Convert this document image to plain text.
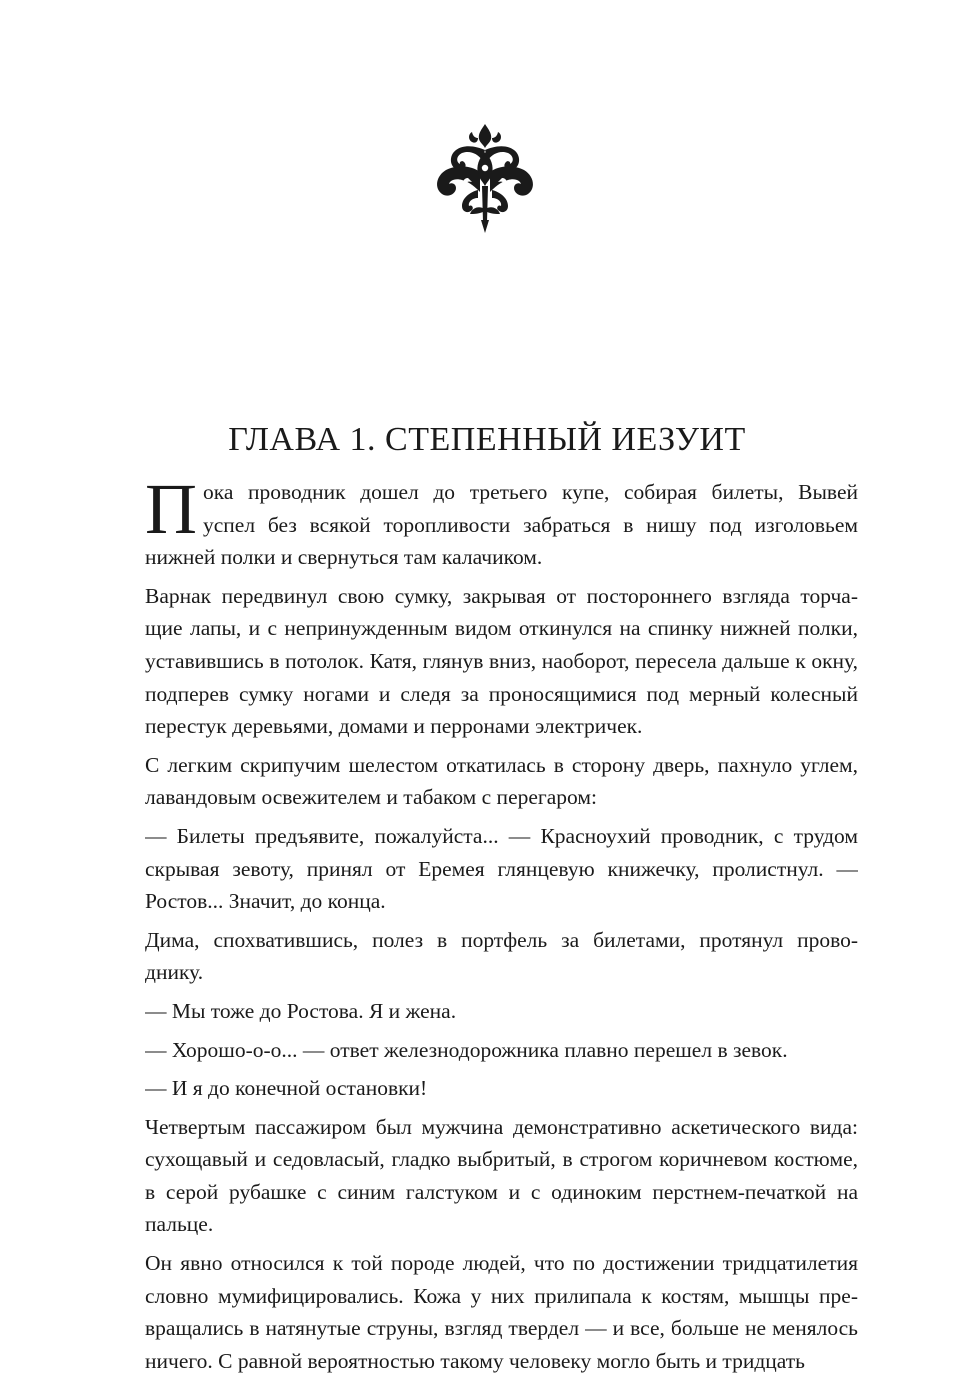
ГЛАВА 1. СТЕПЕННЫЙ ИЕЗУИТ
П ока проводник дошел до третьего купе, собирая билеты, Вывей
успел без всякой торопливости забраться в нишу под изголовьем
нижней полки и свернуться там калачиком.
Варнак передвинул свою сумку, закрывая от постороннего взгляда торча-
щие лапы, и с непринужденным видом откинулся на спинку нижней полки,
уставившись в потолок. Катя, глянув вниз, наоборот, пересела дальше к окну,
подперев сумку ногами и следя за проносящимися под мерный колесный
перестук деревьями, домами и перронами электричек.
С легким скрипучим шелестом откатилась в сторону дверь, пахнуло углем,
лавандовым освежителем и табаком с перегаром:
— Билеты предъявите, пожалуйста... — Красноухий проводник, с трудом
скрывая зевоту, принял от Еремея глянцевую книжечку, пролистнул. —
Ростов... Значит, до конца.
Дима, спохватившись, полез в портфель за билетами, протянул прово-
днику.
— Мы тоже до Ростова. Я и жена.
— Хорошо-о-о... — ответ железнодорожника плавно перешел в зевок.
— И я до конечной остановки!
Четвертым пассажиром был мужчина демонстративно аскетического вида:
сухощавый и седовласый, гладко выбритый, в строгом коричневом костюме,
в серой рубашке с синим галстуком и с одиноким перстнем-печаткой на
пальце.
Он явно относился к той породе людей, что по достижении тридцатилетия
словно мумифицировались. Кожа у них прилипала к костям, мышцы пре-
вращались в натянутые струны, взгляд твердел — и все, больше не менялось
ничего. С равной вероятностью такому человеку могло быть и тридцать
